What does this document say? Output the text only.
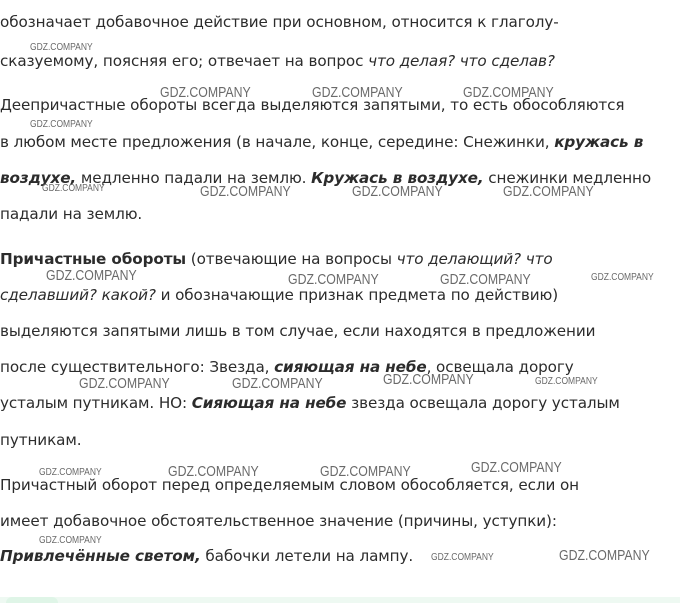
обозначает добавочное действие при основном, относится к глаголу-
сказуемому, поясняя его; отвечает на вопрос что делая? что сделав?
Деепричастные обороты всегда выделяются запятыми, то есть обособляются
в любом месте предложения (в начале, конце, середине: Снежинки, кружась в
воздухе, медленно падали на землю. Кружась в воздухе, снежинки медленно
падали на землю.
Причастные обороты (отвечающие на вопросы что делающий? что
сделавший? какой? и обозначающие признак предмета по действию)
выделяются запятыми лишь в том случае, если находятся в предложении
после существительного: Звезда, сияющая на небе, освещала дорогу
усталым путникам. НО: Сияющая на небе звезда освещала дорогу усталым
путникам.
Причастный оборот перед определяемым словом обособляется, если он
имеет добавочное обстоятельственное значение (причины, уступки):
Привлечённые светом, бабочки летели на лампу.
GDZ.COMPANY
GDZ.COMPANY	GDZ.COMPANY	GDZ.COMPANY
GDZ.COMPANY
GDZ.COMPANY	GDZ.COMPANY	GDZ.COMPANY	GDZ.COMPANY
GDZ.COMPANY	GDZ.COMPANY	GDZ.COMPANY	GDZ.COMPANY
GDZ.COMPANY	GDZ.COMPANY	GDZ.COMPANY	GDZ.COMPANY
GDZ.COMPANY	GDZ.COMPANY	GDZ.COMPANY	GDZ.COMPANY
GDZ.COMPANY
GDZ.COMPANY	GDZ.COMPANY
